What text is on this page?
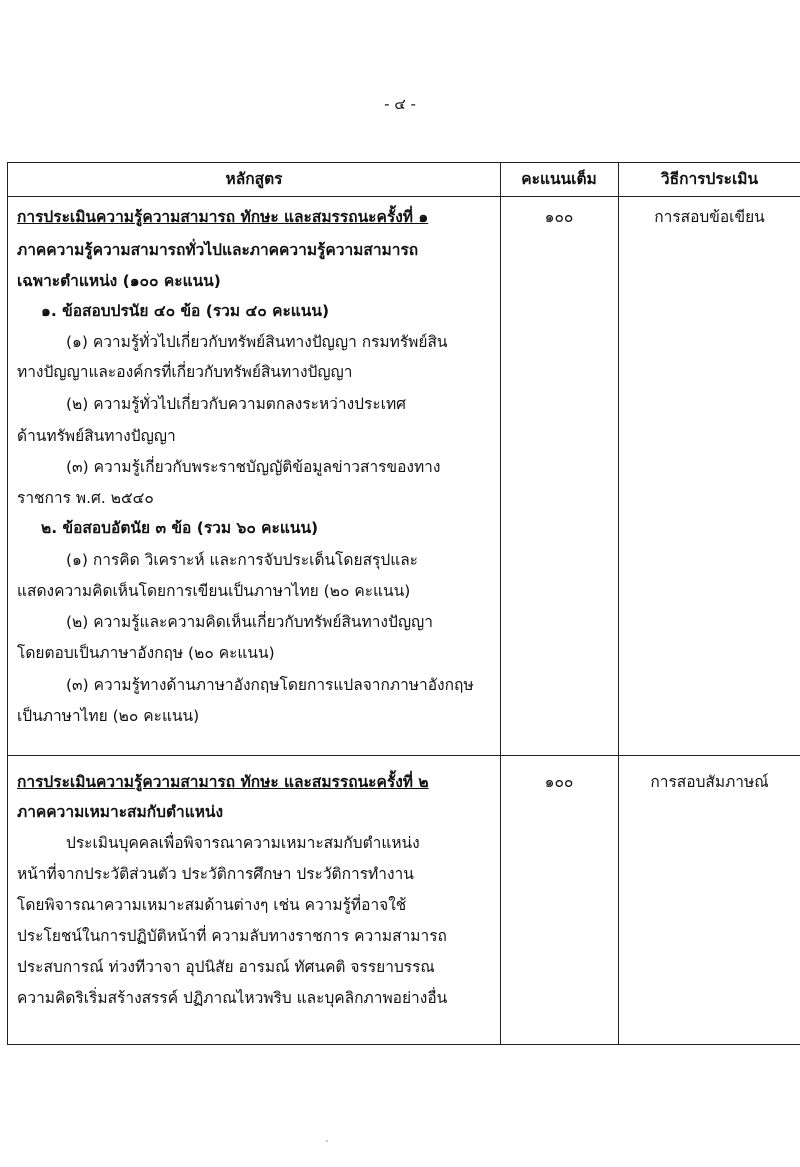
- ๔ -
หลักสูตร	คะแนนเต็ม	วิธีการประเมิน
การประเมินความรู้ความสามารถ ทักษะ และสมรรถนะครั้งที่ ๑
ภาคความรู้ความสามารถทั่วไปและภาคความรู้ความสามารถ
เฉพาะตำแหน่ง (๑๐๐ คะแนน)
๑. ข้อสอบปรนัย ๔๐ ข้อ (รวม ๔๐ คะแนน)
(๑) ความรู้ทั่วไปเกี่ยวกับทรัพย์สินทางปัญญา กรมทรัพย์สิน
ทางปัญญาและองค์กรที่เกี่ยวกับทรัพย์สินทางปัญญา
(๒) ความรู้ทั่วไปเกี่ยวกับความตกลงระหว่างประเทศ
ด้านทรัพย์สินทางปัญญา
(๓) ความรู้เกี่ยวกับพระราชบัญญัติข้อมูลข่าวสารของทาง
ราชการ พ.ศ. ๒๕๔๐
๒. ข้อสอบอัตนัย ๓ ข้อ (รวม ๖๐ คะแนน)
(๑) การคิด วิเคราะห์ และการจับประเด็นโดยสรุปและ
แสดงความคิดเห็นโดยการเขียนเป็นภาษาไทย (๒๐ คะแนน)
(๒) ความรู้และความคิดเห็นเกี่ยวกับทรัพย์สินทางปัญญา
โดยตอบเป็นภาษาอังกฤษ (๒๐ คะแนน)
(๓) ความรู้ทางด้านภาษาอังกฤษโดยการแปลจากภาษาอังกฤษ
เป็นภาษาไทย (๒๐ คะแนน)
๑๐๐	การสอบข้อเขียน
การประเมินความรู้ความสามารถ ทักษะ และสมรรถนะครั้งที่ ๒
ภาคความเหมาะสมกับตำแหน่ง
ประเมินบุคคลเพื่อพิจารณาความเหมาะสมกับตำแหน่ง
หน้าที่จากประวัติส่วนตัว ประวัติการศึกษา ประวัติการทำงาน
โดยพิจารณาความเหมาะสมด้านต่างๆ เช่น ความรู้ที่อาจใช้
ประโยชน์ในการปฏิบัติหน้าที่ ความลับทางราชการ ความสามารถ
ประสบการณ์ ท่วงทีวาจา อุปนิสัย อารมณ์ ทัศนคติ จรรยาบรรณ
ความคิดริเริ่มสร้างสรรค์ ปฏิภาณไหวพริบ และบุคลิกภาพอย่างอื่น
๑๐๐	การสอบสัมภาษณ์
